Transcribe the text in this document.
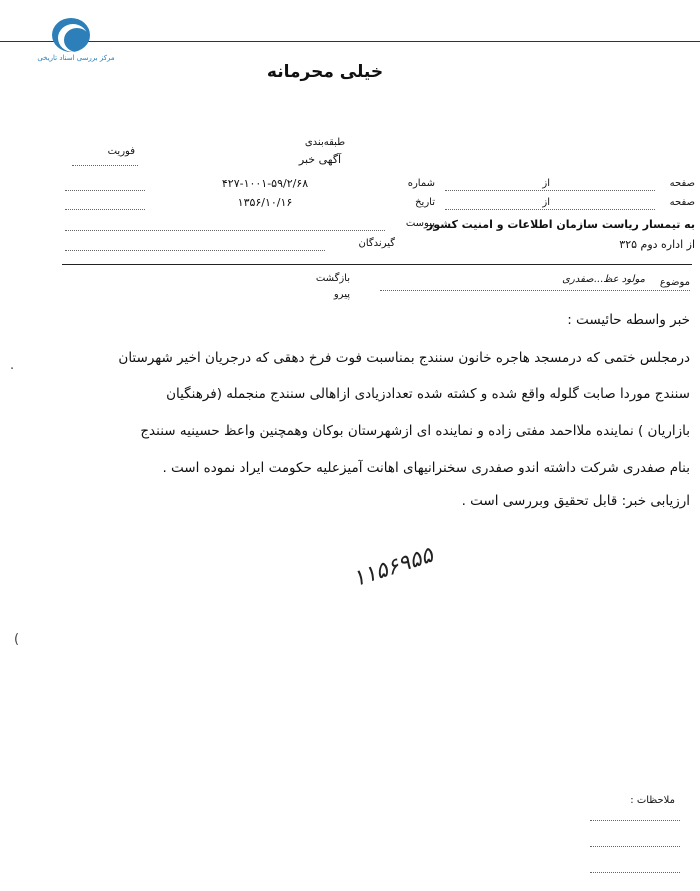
مرکز بررسی اسناد تاریخی
خیلی محرمانه
فوریت
طبقه‌بندی
آگهی خبر
صفحه
از
صفحه
از
شماره
۴۲۷-۱۰۰۱-۵۹/۲/۶۸
تاریخ
۱۳۵۶/۱۰/۱۶
پیوست
گیرندگان
به تیمسار ریاست سازمان اطلاعات و امنیت کشور
از اداره دوم ۳۲۵
بازگشت
پیرو
موضوع
مولود عظ...صفدری
خبر واسطه حائیست :
درمجلس ختمی که درمسجد هاجره خانون سنندج بمناسبت فوت فرخ دهقی که درجریان اخیر شهرستان
سنندج موردا صابت گلوله واقع شده و کشته شده تعدادزیادی ازاهالی سنندج منجمله (فرهنگیان
بازاریان ) نماینده ملااحمد مفتی زاده و نماینده ای ازشهرستان بوکان وهمچنین واعظ حسینیه سنندج
بنام صفدری شرکت داشته اندو صفدری سخنرانیهای اهانت آمیزعلیه حکومت ایراد نموده است .
ارزیابی خبر: قابل تحقیق وبررسی است .
۱۱۵۶۹۵۵
(
.
ملاحظات :
